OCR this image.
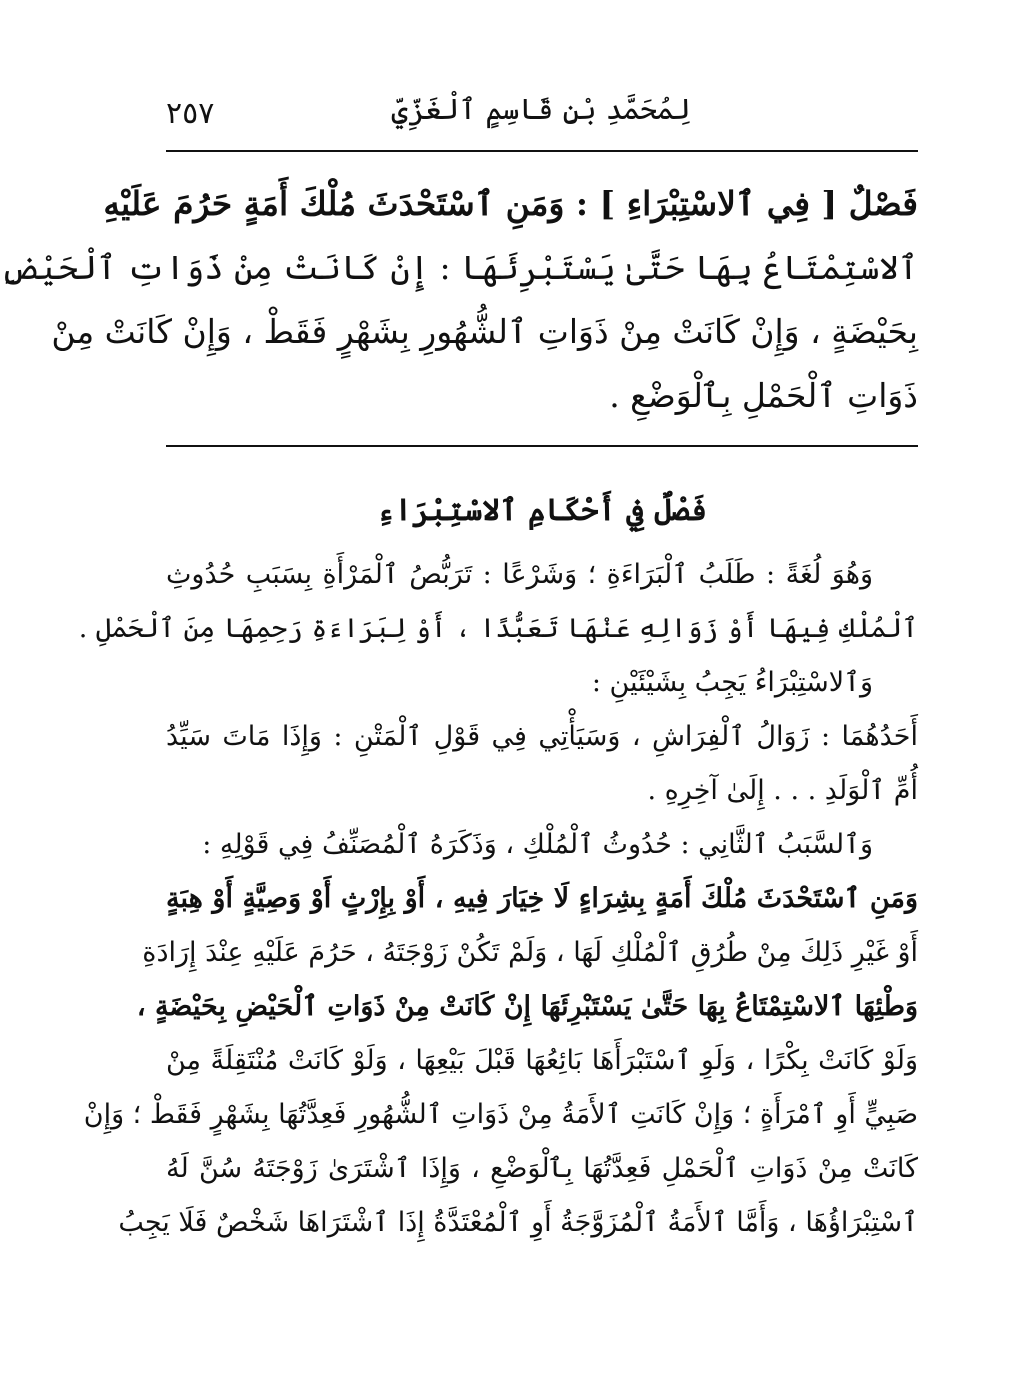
٢٥٧	لِمُحَمَّدِ بْنِ قَاسِمٍ ٱلْغَزِّيِّ
فَصْلٌ [ فِي ٱلاسْتِبْرَاءِ ] : وَمَنِ ٱسْتَحْدَثَ مُلْكَ أَمَةٍ حَرُمَ عَلَيْهِ
ٱلاسْتِمْتَاعُ بِهَا حَتَّىٰ يَسْتَبْرِئَهَا : إِنْ كَانَتْ مِنْ ذَوَاتِ ٱلْحَيْضِ
بِحَيْضَةٍ ، وَإِنْ كَانَتْ مِنْ ذَوَاتِ ٱلشُّهُورِ بِشَهْرٍ فَقَطْ ، وَإِنْ كَانَتْ مِنْ
ذَوَاتِ ٱلْحَمْلِ بِٱلْوَضْعِ .
فَصْلٌ فِي أَحْكَامِ ٱلاسْتِبْرَاءِ
وَهُوَ لُغَةً : طَلَبُ ٱلْبَرَاءَةِ ؛ وَشَرْعًا : تَرَبُّصُ ٱلْمَرْأَةِ بِسَبَبِ حُدُوثِ
ٱلْمُلْكِ فِيهَا أَوْ زَوَالِهِ عَنْهَا تَعَبُّدًا ، أَوْ لِبَرَاءَةِ رَحِمِهَا مِنَ ٱلْحَمْلِ .
وَٱلاسْتِبْرَاءُ يَجِبُ بِشَيْئَيْنِ :
أَحَدُهُمَا : زَوَالُ ٱلْفِرَاشِ ، وَسَيَأْتِي فِي قَوْلِ ٱلْمَتْنِ : وَإِذَا مَاتَ سَيِّدُ
أُمِّ ٱلْوَلَدِ . . . إِلَىٰ آخِرِهِ .
وَٱلسَّبَبُ ٱلثَّانِي : حُدُوثُ ٱلْمُلْكِ ، وَذَكَرَهُ ٱلْمُصَنِّفُ فِي قَوْلِهِ :
وَمَنِ ٱسْتَحْدَثَ مُلْكَ أَمَةٍ بِشِرَاءٍ لَا خِيَارَ فِيهِ ، أَوْ بِإِرْثٍ أَوْ وَصِيَّةٍ أَوْ هِبَةٍ
أَوْ غَيْرِ ذَلِكَ مِنْ طُرُقِ ٱلْمُلْكِ لَهَا ، وَلَمْ تَكُنْ زَوْجَتَهُ ، حَرُمَ عَلَيْهِ عِنْدَ إِرَادَةِ
وَطْئِهَا ٱلاسْتِمْتَاعُ بِهَا حَتَّىٰ يَسْتَبْرِئَهَا إِنْ كَانَتْ مِنْ ذَوَاتِ ٱلْحَيْضِ بِحَيْضَةٍ ،
وَلَوْ كَانَتْ بِكْرًا ، وَلَوِ ٱسْتَبْرَأَهَا بَائِعُهَا قَبْلَ بَيْعِهَا ، وَلَوْ كَانَتْ مُنْتَقِلَةً مِنْ
صَبِيٍّ أَوِ ٱمْرَأَةٍ ؛ وَإِنْ كَانَتِ ٱلأَمَةُ مِنْ ذَوَاتِ ٱلشُّهُورِ فَعِدَّتُهَا بِشَهْرٍ فَقَطْ ؛ وَإِنْ
كَانَتْ مِنْ ذَوَاتِ ٱلْحَمْلِ فَعِدَّتُهَا بِٱلْوَضْعِ ، وَإِذَا ٱشْتَرَىٰ زَوْجَتَهُ سُنَّ لَهُ
ٱسْتِبْرَاؤُهَا ، وَأَمَّا ٱلأَمَةُ ٱلْمُزَوَّجَةُ أَوِ ٱلْمُعْتَدَّةُ إِذَا ٱشْتَرَاهَا شَخْصٌ فَلَا يَجِبُ
